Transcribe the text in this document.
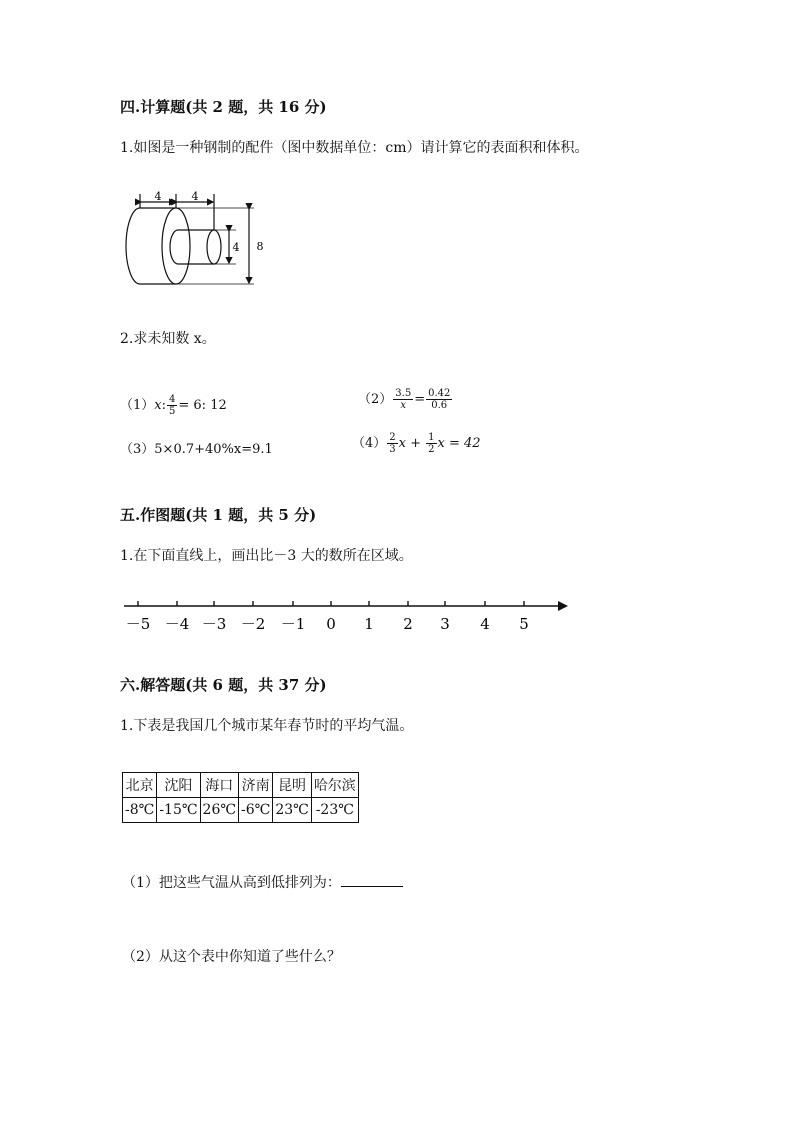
四.计算题(共 2 题，共 16 分)
1.如图是一种钢制的配件（图中数据单位：cm）请计算它的表面积和体积。
4	4
4 8
2.求未知数 x。
（1）x: $\frac{4}{5} = 6$: 12	$(2) \frac{3.5}{x} = \frac{0.42}{0.6}$
（3）5×0.7+40%x=9.1	$(4) \frac{2}{3}$ $x + \frac{1}{2}$ x = 42
五.作图题(共 1 题，共 5 分)
1.在下面直线上，画出比－3 大的数所在区域。
－5 －4 －3 －2 －1 0 1 2 3 4 5
六.解答题(共 6 题，共 37 分)
1.下表是我国几个城市某年春节时的平均气温。
北京	沈阳	海口	济南	昆明	哈尔滨
-8℃	-15℃	26℃	-6℃	23℃	-23℃
（1）把这些气温从高到低排列为：
（2）从这个表中你知道了些什么？
